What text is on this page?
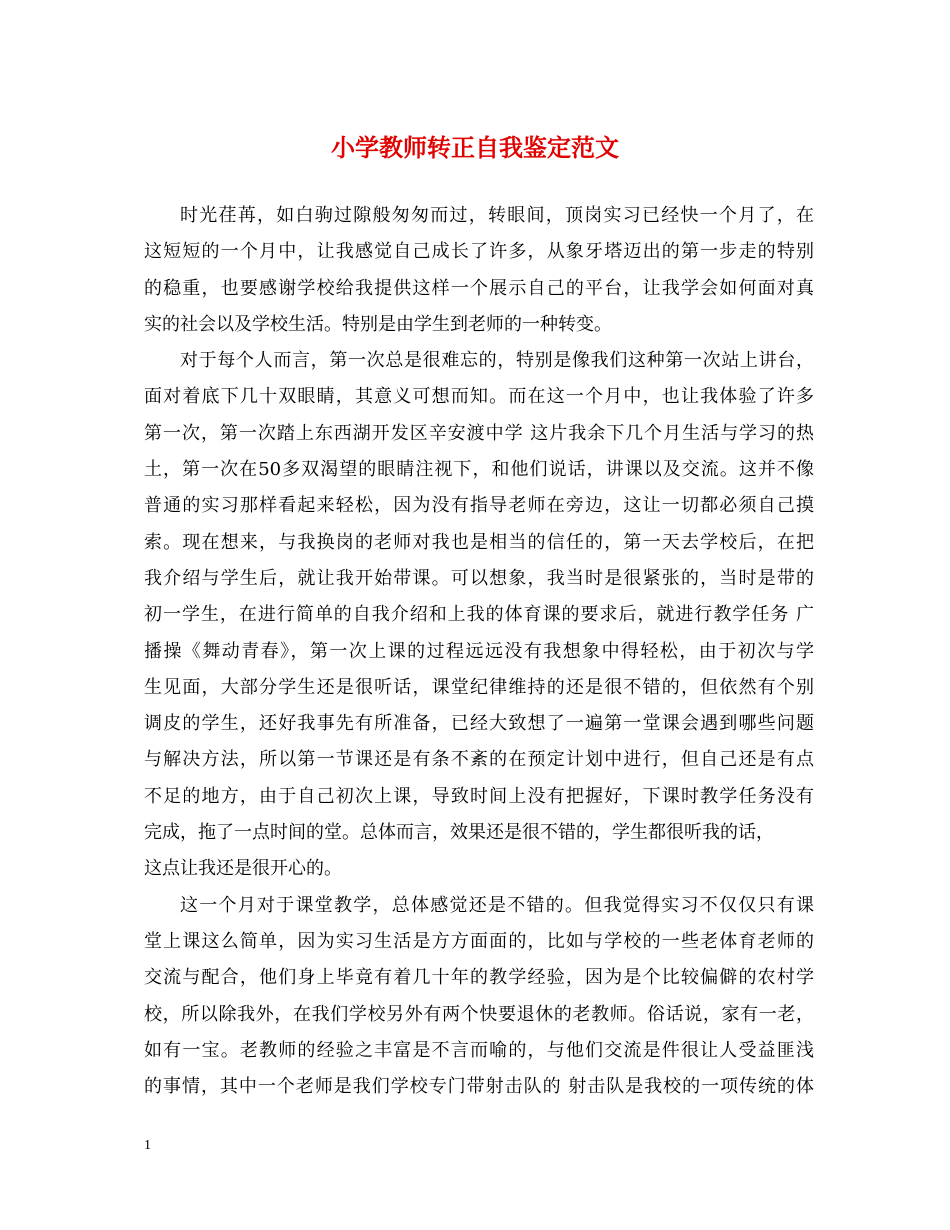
小学教师转正自我鉴定范文

时光荏苒，如白驹过隙般匆匆而过，转眼间，顶岗实习已经快一个月了，在
这短短的一个月中，让我感觉自己成长了许多，从象牙塔迈出的第一步走的特别
的稳重，也要感谢学校给我提供这样一个展示自己的平台，让我学会如何面对真
实的社会以及学校生活。特别是由学生到老师的一种转变。

对于每个人而言，第一次总是很难忘的，特别是像我们这种第一次站上讲台，
面对着底下几十双眼睛，其意义可想而知。而在这一个月中，也让我体验了许多
第一次，第一次踏上东西湖开发区辛安渡中学 这片我余下几个月生活与学习的热
土，第一次在50多双渴望的眼睛注视下，和他们说话，讲课以及交流。这并不像
普通的实习那样看起来轻松，因为没有指导老师在旁边，这让一切都必须自己摸
索。现在想来，与我换岗的老师对我也是相当的信任的，第一天去学校后，在把
我介绍与学生后，就让我开始带课。可以想象，我当时是很紧张的，当时是带的
初一学生，在进行简单的自我介绍和上我的体育课的要求后，就进行教学任务 广
播操《舞动青春》，第一次上课的过程远远没有我想象中得轻松，由于初次与学
生见面，大部分学生还是很听话，课堂纪律维持的还是很不错的，但依然有个别
调皮的学生，还好我事先有所准备，已经大致想了一遍第一堂课会遇到哪些问题
与解决方法，所以第一节课还是有条不紊的在预定计划中进行，但自己还是有点
不足的地方，由于自己初次上课，导致时间上没有把握好，下课时教学任务没有
完成，拖了一点时间的堂。总体而言，效果还是很不错的，学生都很听我的话，
这点让我还是很开心的。

这一个月对于课堂教学，总体感觉还是不错的。但我觉得实习不仅仅只有课
堂上课这么简单，因为实习生活是方方面面的，比如与学校的一些老体育老师的
交流与配合，他们身上毕竟有着几十年的教学经验，因为是个比较偏僻的农村学
校，所以除我外，在我们学校另外有两个快要退休的老教师。俗话说，家有一老，
如有一宝。老教师的经验之丰富是不言而喻的，与他们交流是件很让人受益匪浅
的事情，其中一个老师是我们学校专门带射击队的 射击队是我校的一项传统的体

1
